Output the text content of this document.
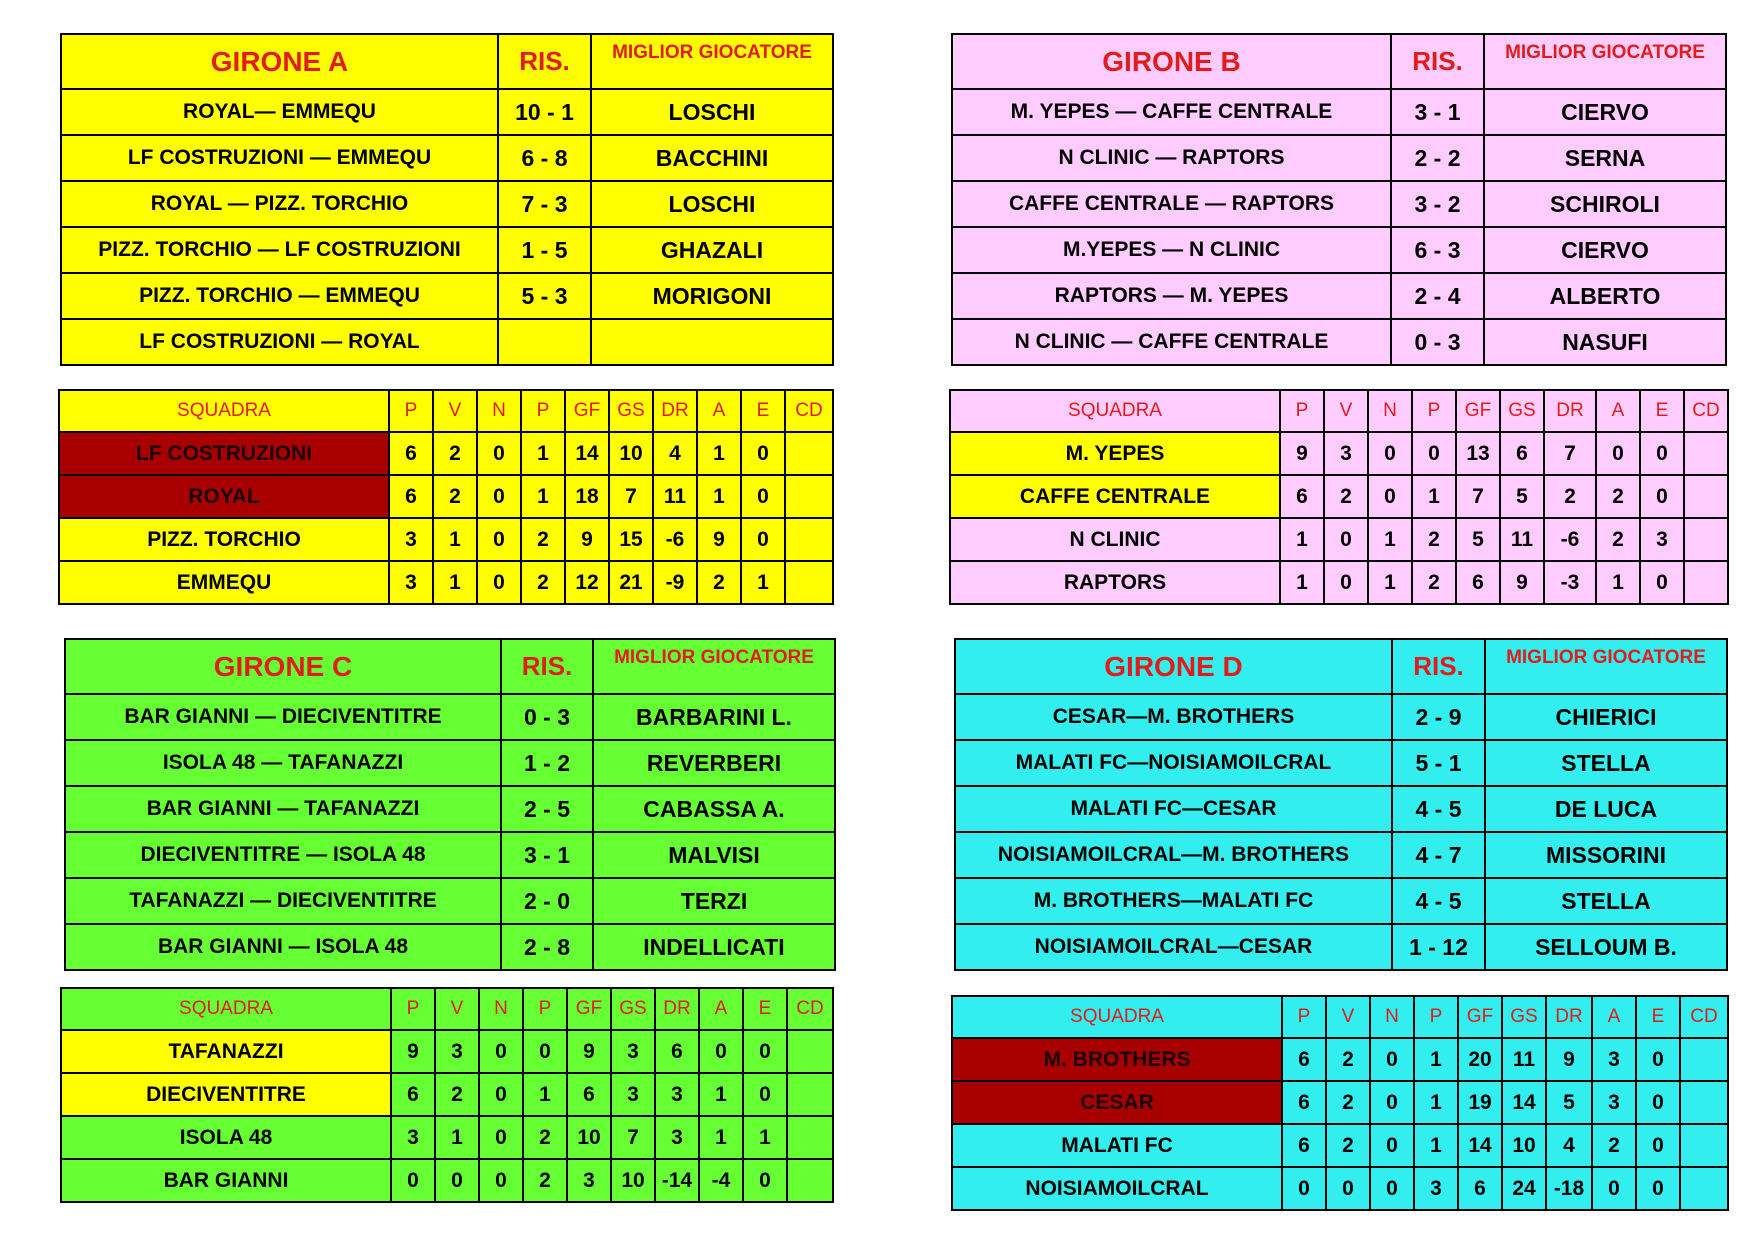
GIRONE A	RIS.	MIGLIOR GIOCATORE
ROYAL— EMMEQU	10 - 1	LOSCHI
LF COSTRUZIONI — EMMEQU	6 - 8	BACCHINI
ROYAL — PIZZ. TORCHIO	7 - 3	LOSCHI
PIZZ. TORCHIO — LF COSTRUZIONI	1 - 5	GHAZALI
PIZZ. TORCHIO — EMMEQU	5 - 3	MORIGONI
LF COSTRUZIONI — ROYAL		
SQUADRA	P	V	N	P	GF	GS	DR	A	E	CD
LF COSTRUZIONI	6	2	0	1	14	10	4	1	0	
ROYAL	6	2	0	1	18	7	11	1	0	
PIZZ. TORCHIO	3	1	0	2	9	15	-6	9	0	
EMMEQU	3	1	0	2	12	21	-9	2	1	
GIRONE B	RIS.	MIGLIOR GIOCATORE
M. YEPES — CAFFE CENTRALE	3 - 1	CIERVO
N CLINIC — RAPTORS	2 - 2	SERNA
CAFFE CENTRALE — RAPTORS	3 - 2	SCHIROLI
M.YEPES — N CLINIC	6 - 3	CIERVO
RAPTORS — M. YEPES	2 - 4	ALBERTO
N CLINIC — CAFFE CENTRALE	0 - 3	NASUFI
SQUADRA	P	V	N	P	GF	GS	DR	A	E	CD
M. YEPES	9	3	0	0	13	6	7	0	0	
CAFFE CENTRALE	6	2	0	1	7	5	2	2	0	
N CLINIC	1	0	1	2	5	11	-6	2	3	
RAPTORS	1	0	1	2	6	9	-3	1	0	
GIRONE C	RIS.	MIGLIOR GIOCATORE
BAR GIANNI — DIECIVENTITRE	0 - 3	BARBARINI L.
ISOLA 48 — TAFANAZZI	1 - 2	REVERBERI
BAR GIANNI — TAFANAZZI	2 - 5	CABASSA A.
DIECIVENTITRE — ISOLA 48	3 - 1	MALVISI
TAFANAZZI — DIECIVENTITRE	2 - 0	TERZI
BAR GIANNI — ISOLA 48	2 - 8	INDELLICATI
SQUADRA	P	V	N	P	GF	GS	DR	A	E	CD
TAFANAZZI	9	3	0	0	9	3	6	0	0	
DIECIVENTITRE	6	2	0	1	6	3	3	1	0	
ISOLA 48	3	1	0	2	10	7	3	1	1	
BAR GIANNI	0	0	0	2	3	10	-14	-4	0	
GIRONE D	RIS.	MIGLIOR GIOCATORE
CESAR—M. BROTHERS	2 - 9	CHIERICI
MALATI FC—NOISIAMOILCRAL	5 - 1	STELLA
MALATI FC—CESAR	4 - 5	DE LUCA
NOISIAMOILCRAL—M. BROTHERS	4 - 7	MISSORINI
M. BROTHERS—MALATI FC	4 - 5	STELLA
NOISIAMOILCRAL—CESAR	1 - 12	SELLOUM B.
SQUADRA	P	V	N	P	GF	GS	DR	A	E	CD
M. BROTHERS	6	2	0	1	20	11	9	3	0	
CESAR	6	2	0	1	19	14	5	3	0	
MALATI FC	6	2	0	1	14	10	4	2	0	
NOISIAMOILCRAL	0	0	0	3	6	24	-18	0	0	
